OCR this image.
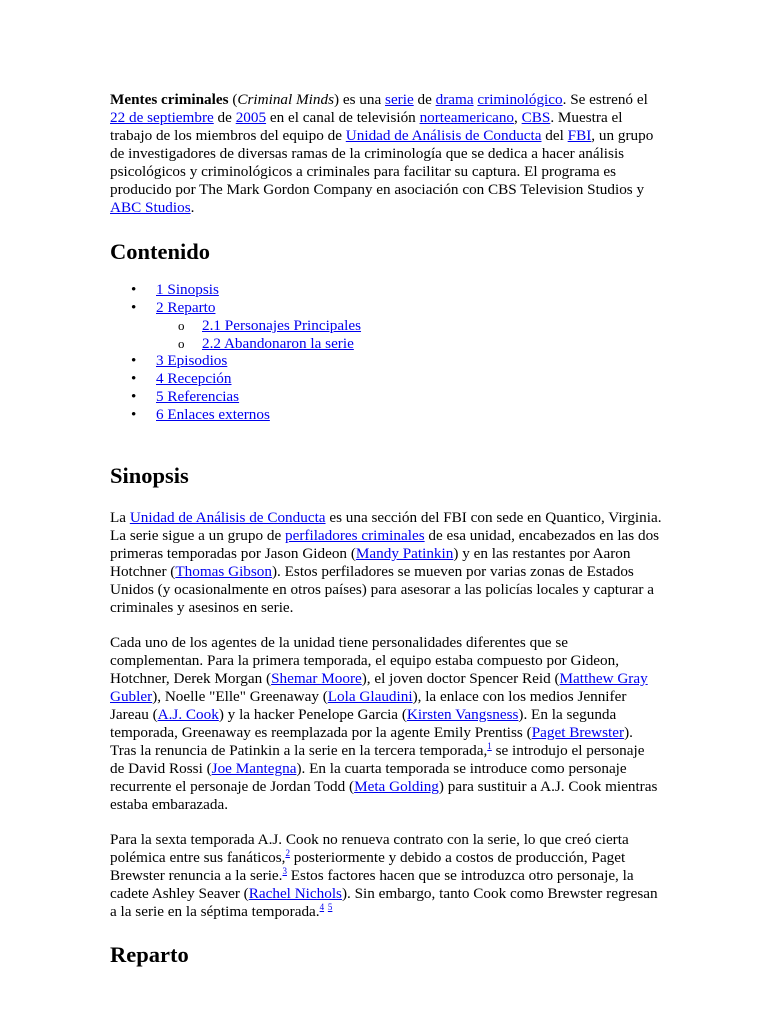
Mentes criminales (Criminal Minds) es una serie de drama criminológico. Se estrenó el 22 de septiembre de 2005 en el canal de televisión norteamericano, CBS. Muestra el trabajo de los miembros del equipo de Unidad de Análisis de Conducta del FBI, un grupo de investigadores de diversas ramas de la criminología que se dedica a hacer análisis psicológicos y criminológicos a criminales para facilitar su captura. El programa es producido por The Mark Gordon Company en asociación con CBS Television Studios y ABC Studios.

Contenido
• 1 Sinopsis
• 2 Reparto
o 2.1 Personajes Principales
o 2.2 Abandonaron la serie
• 3 Episodios
• 4 Recepción
• 5 Referencias
• 6 Enlaces externos
Sinopsis

La Unidad de Análisis de Conducta es una sección del FBI con sede en Quantico, Virginia. La serie sigue a un grupo de perfiladores criminales de esa unidad, encabezados en las dos primeras temporadas por Jason Gideon (Mandy Patinkin) y en las restantes por Aaron Hotchner (Thomas Gibson). Estos perfiladores se mueven por varias zonas de Estados Unidos (y ocasionalmente en otros países) para asesorar a las policías locales y capturar a criminales y asesinos en serie.

Cada uno de los agentes de la unidad tiene personalidades diferentes que se complementan. Para la primera temporada, el equipo estaba compuesto por Gideon, Hotchner, Derek Morgan (Shemar Moore), el joven doctor Spencer Reid (Matthew Gray Gubler), Noelle "Elle" Greenaway (Lola Glaudini), la enlace con los medios Jennifer Jareau (A.J. Cook) y la hacker Penelope Garcia (Kirsten Vangsness). En la segunda temporada, Greenaway es reemplazada por la agente Emily Prentiss (Paget Brewster). Tras la renuncia de Patinkin a la serie en la tercera temporada,$^1$ se introdujo el personaje de David Rossi (Joe Mantegna). En la cuarta temporada se introduce como personaje recurrente el personaje de Jordan Todd (Meta Golding) para sustituir a A.J. Cook mientras estaba embarazada.

Para la sexta temporada A.J. Cook no renueva contrato con la serie, lo que creó cierta polémica entre sus fanáticos,$^2$ posteriormente y debido a costos de producción, Paget Brewster renuncia a la serie.$^3$ Estos factores hacen que se introduzca otro personaje, la cadete Ashley Seaver (Rachel Nichols). Sin embargo, tanto Cook como Brewster regresan a la serie en la séptima temporada.$^4$ $^5$

Reparto
